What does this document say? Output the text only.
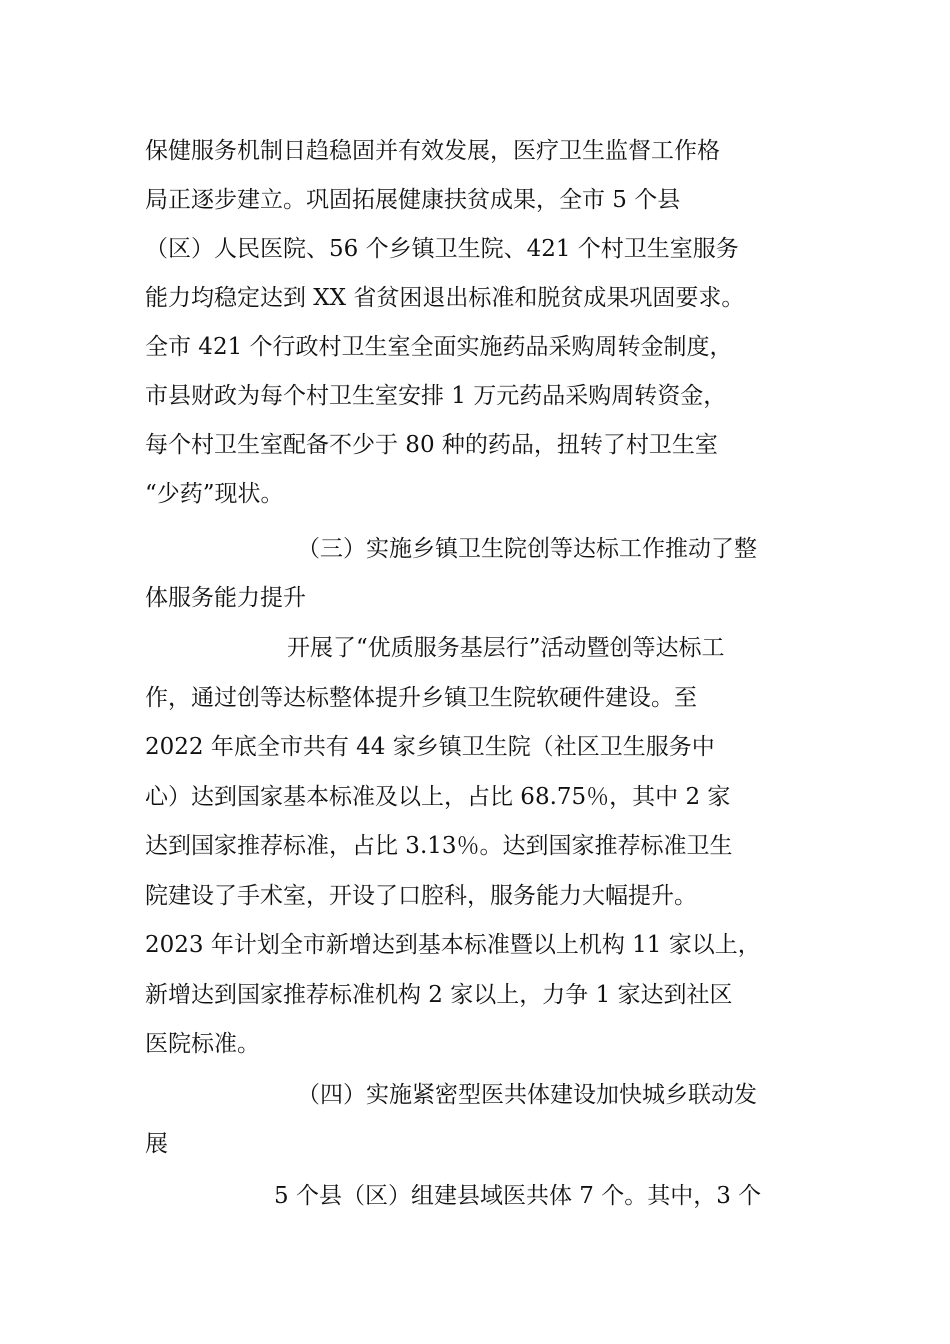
保健服务机制日趋稳固并有效发展，医疗卫生监督工作格
局正逐步建立。巩固拓展健康扶贫成果，全市 5 个县
（区）人民医院、56 个乡镇卫生院、421 个村卫生室服务
能力均稳定达到 XX 省贫困退出标准和脱贫成果巩固要求。
全市 421 个行政村卫生室全面实施药品采购周转金制度，
市县财政为每个村卫生室安排 1 万元药品采购周转资金，
每个村卫生室配备不少于 80 种的药品，扭转了村卫生室
“少药”现状。
（三）实施乡镇卫生院创等达标工作推动了整
体服务能力提升
开展了“优质服务基层行”活动暨创等达标工
作，通过创等达标整体提升乡镇卫生院软硬件建设。至
2022 年底全市共有 44 家乡镇卫生院（社区卫生服务中
心）达到国家基本标准及以上，占比 68.75％，其中 2 家
达到国家推荐标准，占比 3.13％。达到国家推荐标准卫生
院建设了手术室，开设了口腔科，服务能力大幅提升。
2023 年计划全市新增达到基本标准暨以上机构 11 家以上，
新增达到国家推荐标准机构 2 家以上，力争 1 家达到社区
医院标准。
（四）实施紧密型医共体建设加快城乡联动发
展
5 个县（区）组建县域医共体 7 个。其中，3 个
